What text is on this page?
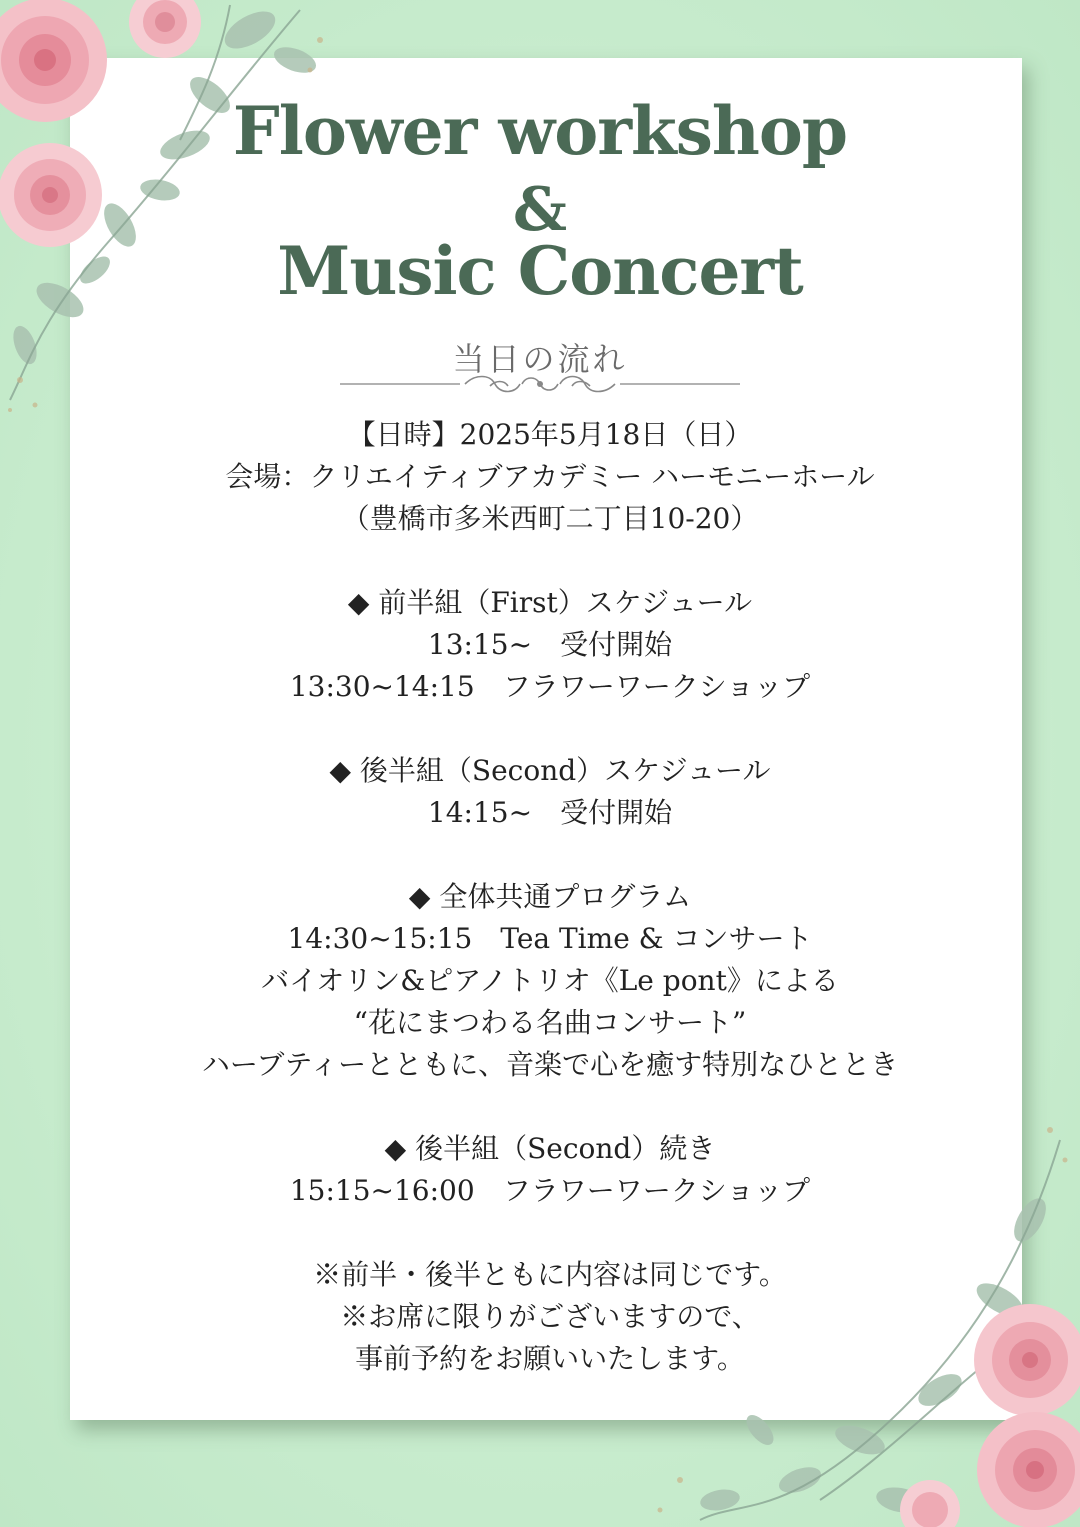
Flower workshop
&
Music Concert
当日の流れ
【日時】2025年5月18日（日）
会場：クリエイティブアカデミー ハーモニーホール
（豊橋市多米西町二丁目10-20）
◆ 前半組（First）スケジュール
13:15~　受付開始
13:30~14:15　フラワーワークショップ
◆ 後半組（Second）スケジュール
14:15~　受付開始
◆ 全体共通プログラム
14:30~15:15　Tea Time & コンサート
バイオリン&ピアノトリオ《Le pont》による
“花にまつわる名曲コンサート”
ハーブティーとともに、音楽で心を癒す特別なひととき
◆ 後半組（Second）続き
15:15~16:00　フラワーワークショップ
※前半・後半ともに内容は同じです。
※お席に限りがございますので、
事前予約をお願いいたします。
